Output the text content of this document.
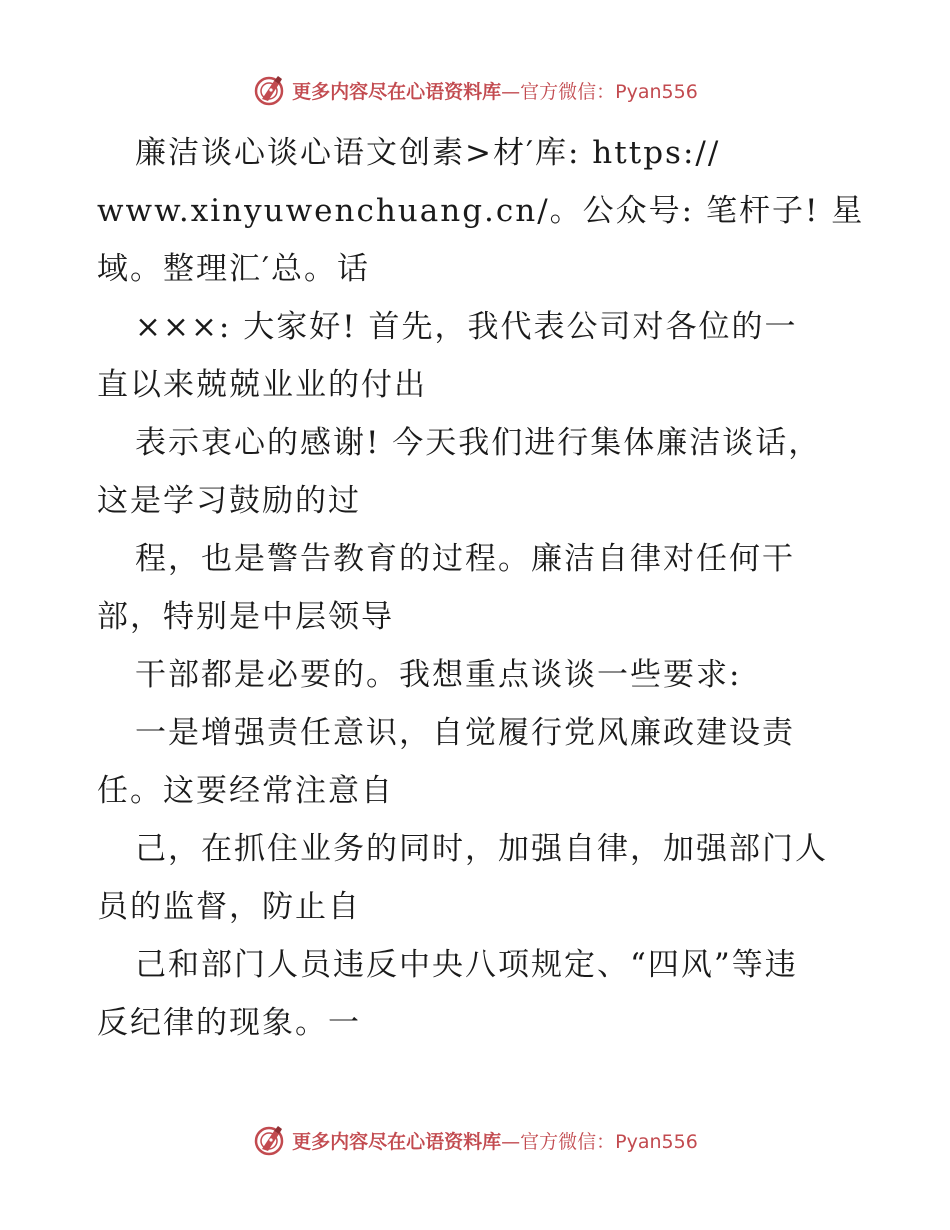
更多内容尽在心语资料库—官方微信：Pyan556
廉洁谈心谈心语文创素>材′库: https://
www.xinyuwenchuang.cn/。公众号: 笔杆子! 星
域。整理汇′总。话
×××: 大家好! 首先，我代表公司对各位的一
直以来兢兢业业的付出
表示衷心的感谢! 今天我们进行集体廉洁谈话，
这是学习鼓励的过
程，也是警告教育的过程。廉洁自律对任何干
部，特别是中层领导
干部都是必要的。我想重点谈谈一些要求:
一是增强责任意识，自觉履行党风廉政建设责
任。这要经常注意自
己，在抓住业务的同时，加强自律，加强部门人
员的监督，防止自
己和部门人员违反中央八项规定、“四风”等违
反纪律的现象。一
更多内容尽在心语资料库—官方微信：Pyan556
